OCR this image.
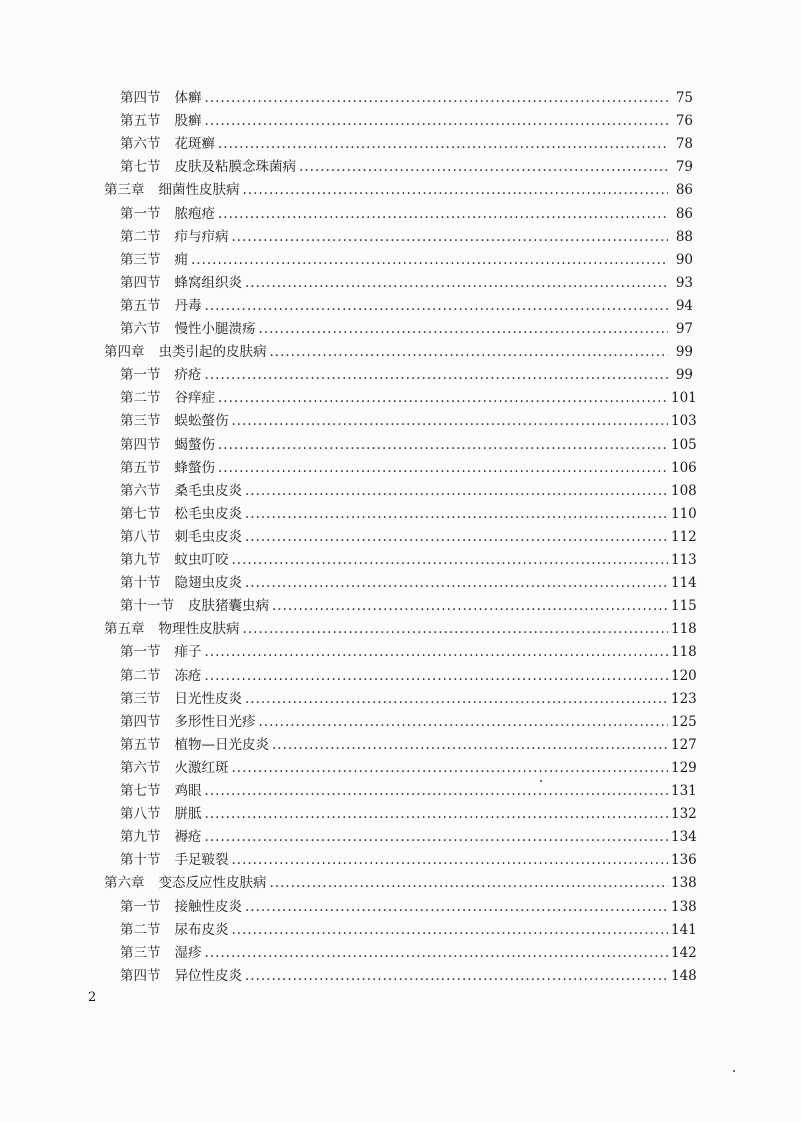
第四节 体癣 .....	75
第五节 股癣 .....	76
第六节 花斑癣 .....	78
第七节 皮肤及粘膜念珠菌病 .....	79
第三章 细菌性皮肤病 .....	86
第一节 脓疱疮 .....	86
第二节 疖与疖病 .....	88
第三节 痈 .....	90
第四节 蜂窝组织炎 .....	93
第五节 丹毒 .....	94
第六节 慢性小腿溃疡 .....	97
第四章 虫类引起的皮肤病 .....	99
第一节 疥疮 .....	99
第二节 谷痒症 .....	101
第三节 蜈蚣螫伤 .....	103
第四节 蝎螫伤 .....	105
第五节 蜂螫伤 .....	106
第六节 桑毛虫皮炎 .....	108
第七节 松毛虫皮炎 .....	110
第八节 刺毛虫皮炎 .....	112
第九节 蚊虫叮咬 .....	113
第十节 隐翅虫皮炎 .....	114
第十一节 皮肤猪囊虫病 .....	115
第五章 物理性皮肤病 .....	118
第一节 痱子 .....	118
第二节 冻疮 .....	120
第三节 日光性皮炎 .....	123
第四节 多形性日光疹 .....	125
第五节 植物—日光皮炎 .....	127
第六节 火激红斑 .....	129
第七节 鸡眼 .....	131
第八节 胼胝 .....	132
第九节 褥疮 .....	134
第十节 手足皲裂 .....	136
第六章 变态反应性皮肤病 .....	138
第一节 接触性皮炎 .....	138
第二节 尿布皮炎 .....	141
第三节 湿疹 .....	142
第四节 异位性皮炎 .....	148
2
